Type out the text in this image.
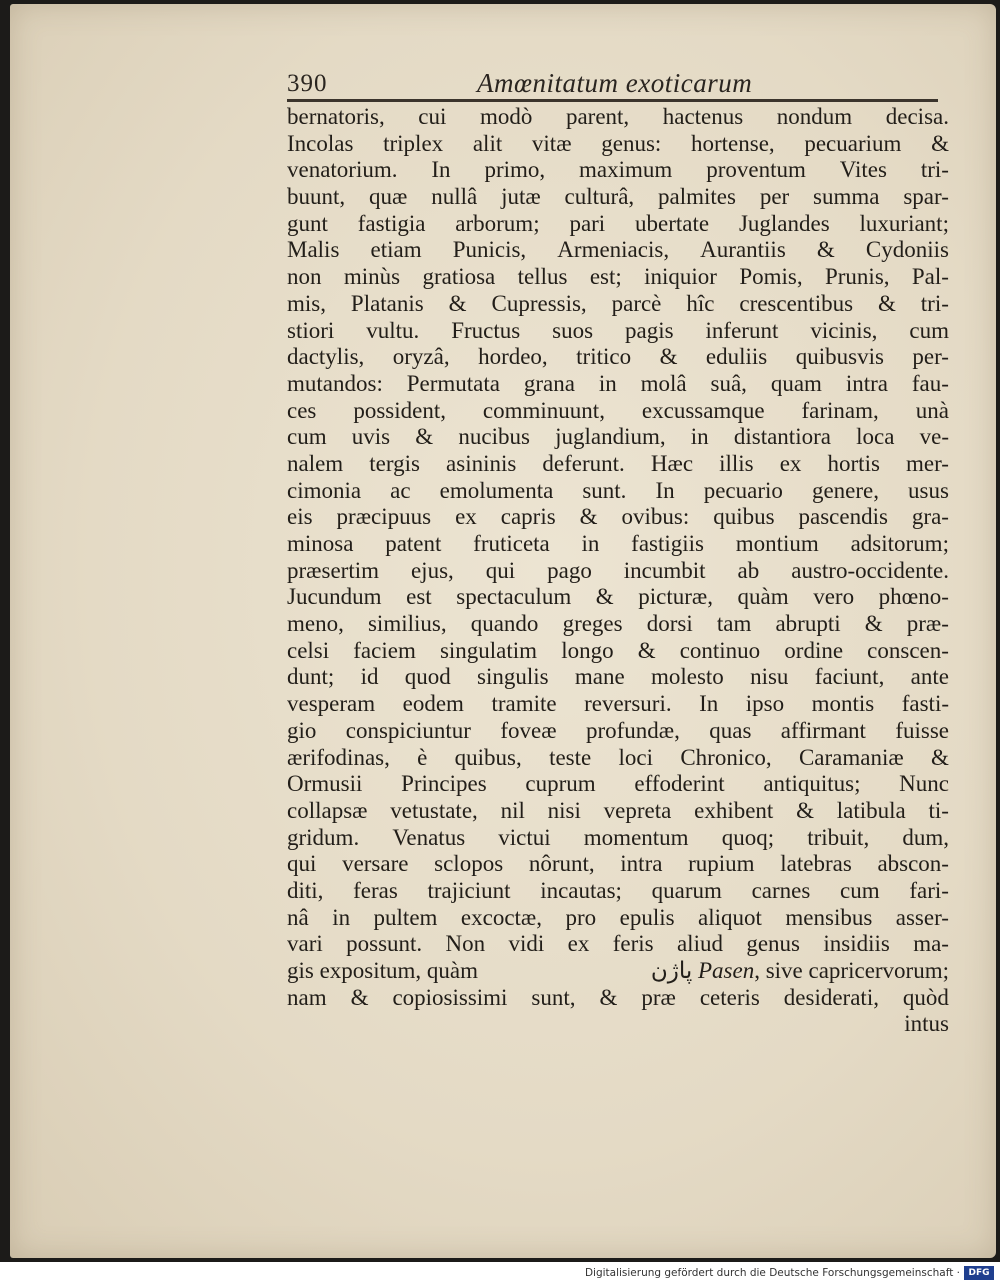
390	Amœnitatum exoticarum
bernatoris, cui modò parent, hactenus nondum decisa.
Incolas triplex alit vitæ genus: hortense, pecuarium &
venatorium. In primo, maximum proventum Vites tri-
buunt, quæ nullâ jutæ culturâ, palmites per summa spar-
gunt fastigia arborum; pari ubertate Juglandes luxuriant;
Malis etiam Punicis, Armeniacis, Aurantiis & Cydoniis
non minùs gratiosa tellus est; iniquior Pomis, Prunis, Pal-
mis, Platanis & Cupressis, parcè hîc crescentibus & tri-
stiori vultu. Fructus suos pagis inferunt vicinis, cum
dactylis, oryzâ, hordeo, tritico & eduliis quibusvis per-
mutandos: Permutata grana in molâ suâ, quam intra fau-
ces possident, comminuunt, excussamque farinam, unà
cum uvis & nucibus juglandium, in distantiora loca ve-
nalem tergis asininis deferunt. Hæc illis ex hortis mer-
cimonia ac emolumenta sunt. In pecuario genere, usus
eis præcipuus ex capris & ovibus: quibus pascendis gra-
minosa patent fruticeta in fastigiis montium adsitorum;
præsertim ejus, qui pago incumbit ab austro-occidente.
Jucundum est spectaculum & picturæ, quàm vero phœno-
meno, similius, quando greges dorsi tam abrupti & præ-
celsi faciem singulatim longo & continuo ordine conscen-
dunt; id quod singulis mane molesto nisu faciunt, ante
vesperam eodem tramite reversuri. In ipso montis fasti-
gio conspiciuntur foveæ profundæ, quas affirmant fuisse
ærifodinas, è quibus, teste loci Chronico, Caramaniæ &
Ormusii Principes cuprum effoderint antiquitus; Nunc
collapsæ vetustate, nil nisi vepreta exhibent & latibula ti-
gridum. Venatus victui momentum quoq; tribuit, dum,
qui versare sclopos nôrunt, intra rupium latebras abscon-
diti, feras trajiciunt incautas; quarum carnes cum fari-
nâ in pultem excoctæ, pro epulis aliquot mensibus asser-
vari possunt. Non vidi ex feris aliud genus insidiis ma-
gis expositum, quàm	پاژن Pasen, sive capricervorum;
nam & copiosissimi sunt, & præ ceteris desiderati, quòd
intus
Digitalisierung gefördert durch die Deutsche Forschungsgemeinschaft · DFG
